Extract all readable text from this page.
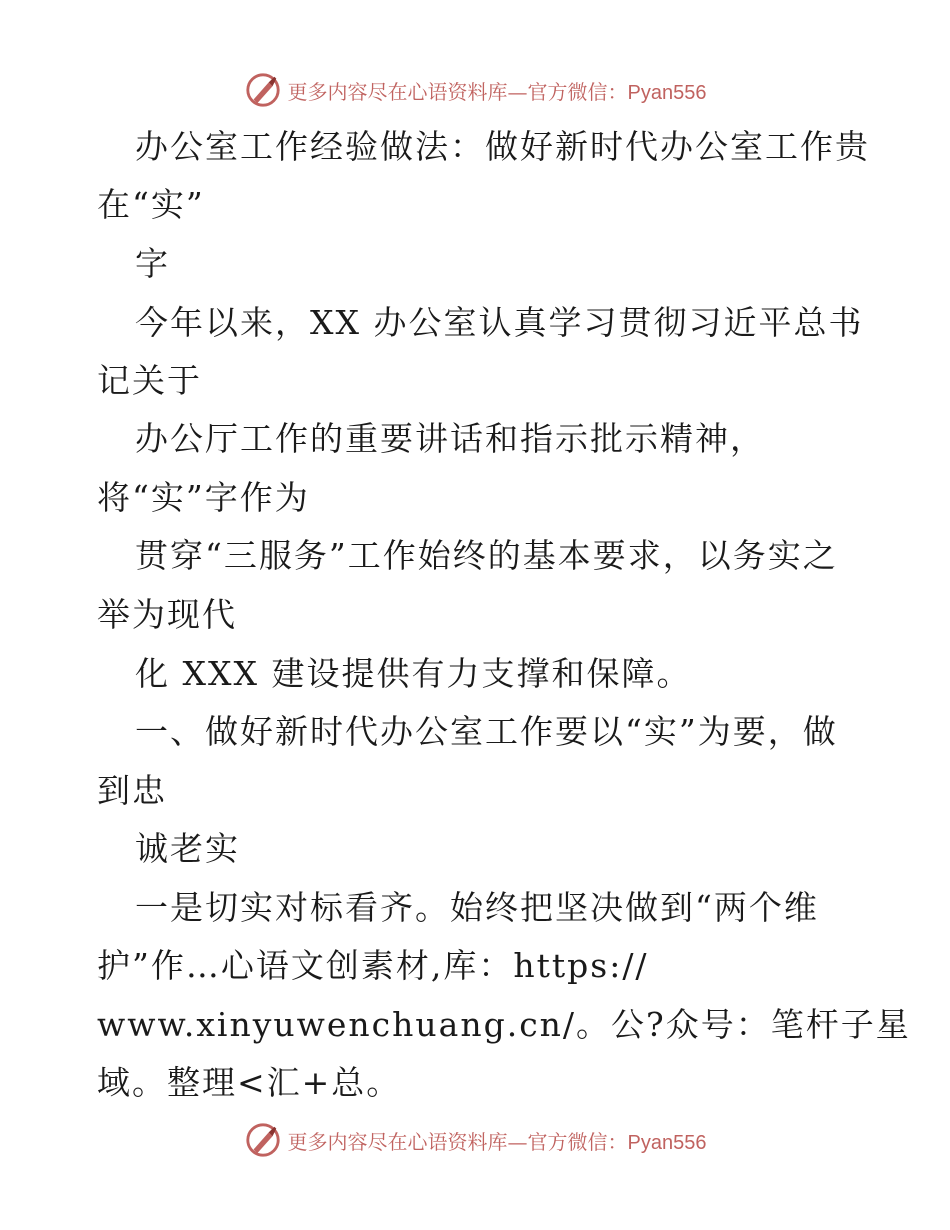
更多内容尽在心语资料库—官方微信：Pyan556
办公室工作经验做法：做好新时代办公室工作贵
在“实”
字
今年以来，XX 办公室认真学习贯彻习近平总书
记关于
办公厅工作的重要讲话和指示批示精神，
将“实”字作为
贯穿“三服务”工作始终的基本要求，以务实之
举为现代
化 XXX 建设提供有力支撑和保障。
一、做好新时代办公室工作要以“实”为要，做
到忠
诚老实
一是切实对标看齐。始终把坚决做到“两个维
护”作…心语文创素材,库：https://
www.xinyuwenchuang.cn/。公?众号：笔杆子星
域。整理<汇+总。
更多内容尽在心语资料库—官方微信：Pyan556
